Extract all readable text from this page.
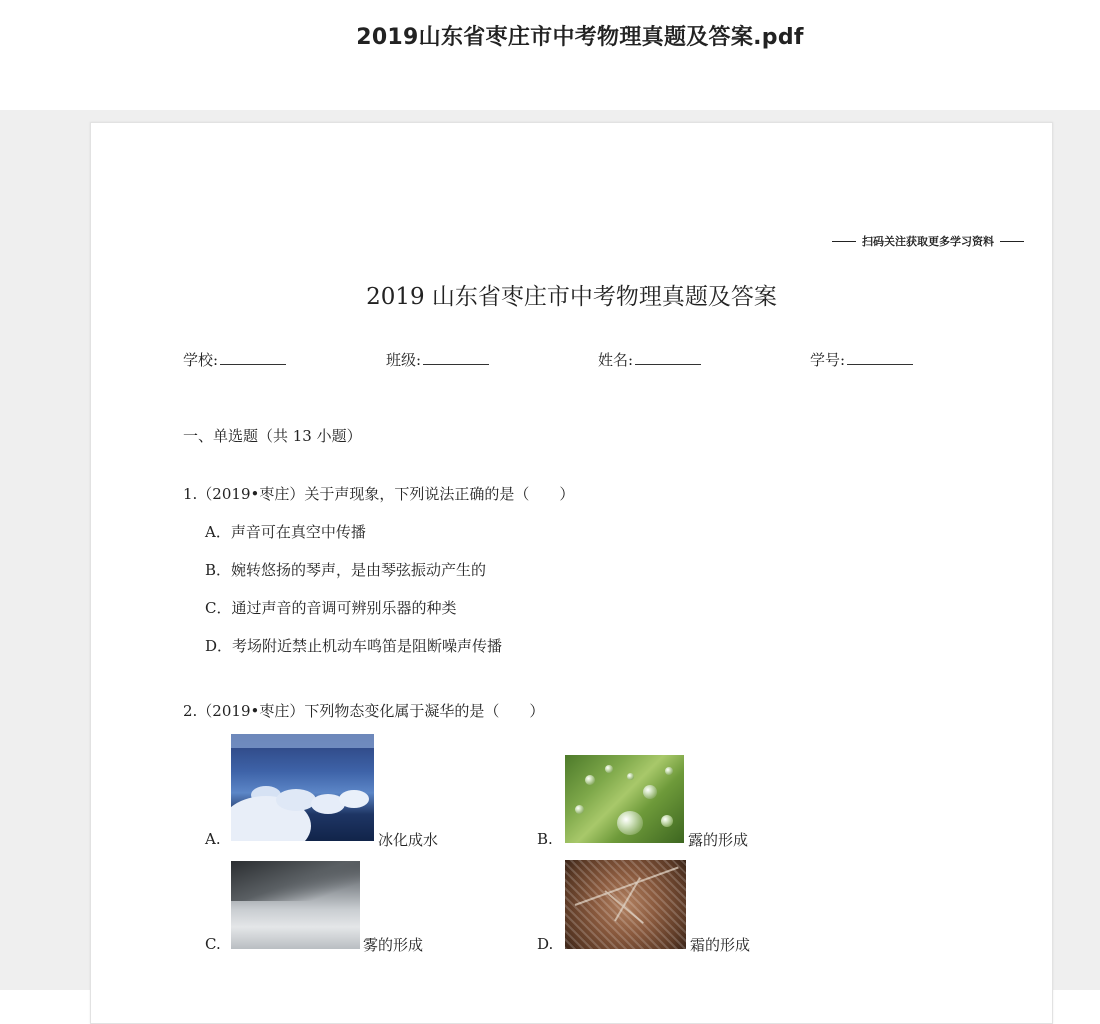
2019山东省枣庄市中考物理真题及答案.pdf
扫码关注获取更多学习资料
2019 山东省枣庄市中考物理真题及答案
学校:	班级:	姓名:	学号:
一、单选题（共 13 小题）
1.（2019•枣庄）关于声现象，下列说法正确的是（　　）
A．声音可在真空中传播
B．婉转悠扬的琴声，是由琴弦振动产生的
C．通过声音的音调可辨别乐器的种类
D．考场附近禁止机动车鸣笛是阻断噪声传播
2.（2019•枣庄）下列物态变化属于凝华的是（　　）
A.	冰化成水	B.	露的形成
C.	雾的形成	D.	霜的形成
